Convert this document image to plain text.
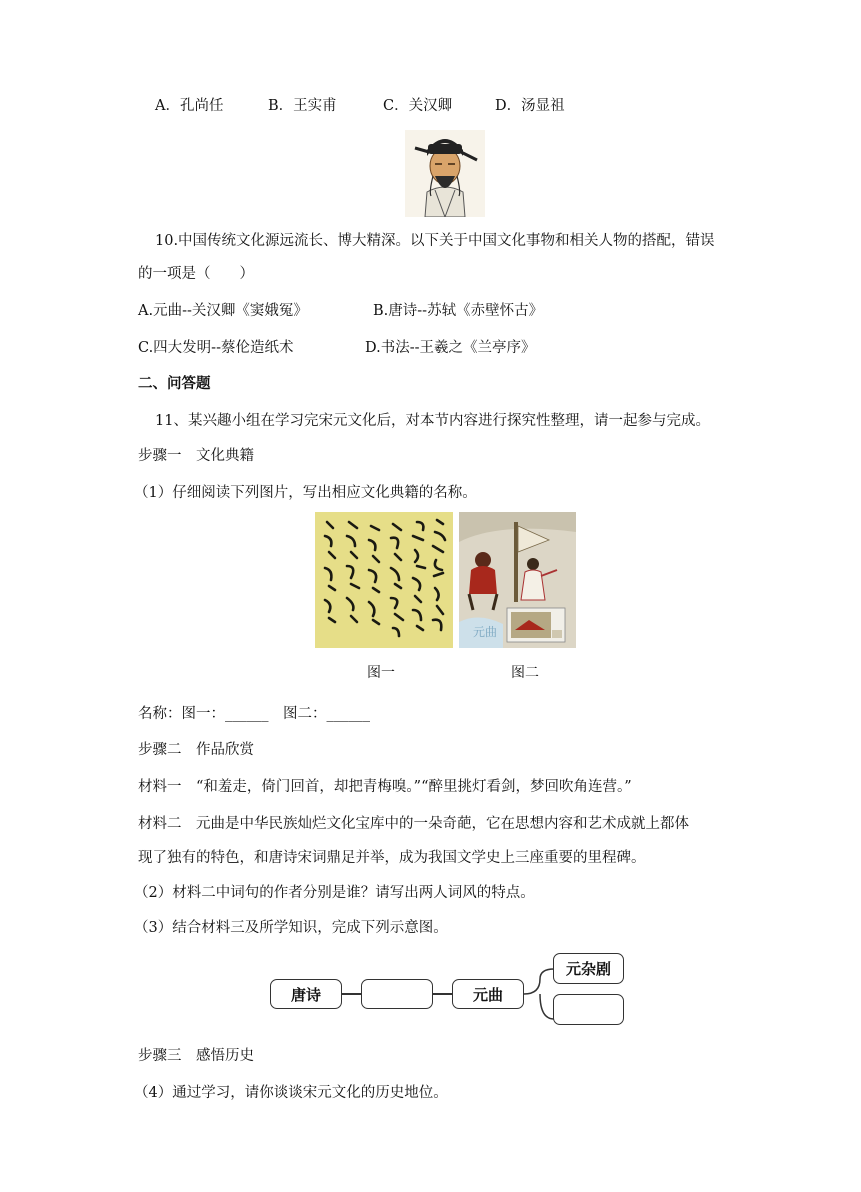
A．孔尚任	B．王实甫	C．关汉卿	D．汤显祖
10.中国传统文化源远流长、博大精深。以下关于中国文化事物和相关人物的搭配，错误
的一项是（　　）
A.元曲--关汉卿《窦娥冤》	B.唐诗--苏轼《赤壁怀古》
C.四大发明--蔡伦造纸术	D.书法--王羲之《兰亭序》
二、问答题
11、某兴趣小组在学习完宋元文化后，对本节内容进行探究性整理，请一起参与完成。
步骤一　文化典籍
（1）仔细阅读下列图片，写出相应文化典籍的名称。
元曲
图一	图二
名称：图一：______　图二：______
步骤二　作品欣赏
材料一　“和羞走，倚门回首，却把青梅嗅。”“醉里挑灯看剑，梦回吹角连营。”
材料二　元曲是中华民族灿烂文化宝库中的一朵奇葩，它在思想内容和艺术成就上都体
现了独有的特色，和唐诗宋词鼎足并举，成为我国文学史上三座重要的里程碑。
（2）材料二中词句的作者分别是谁？请写出两人词风的特点。
（3）结合材料三及所学知识，完成下列示意图。
唐诗	元曲
元杂剧
步骤三　感悟历史
（4）通过学习，请你谈谈宋元文化的历史地位。
